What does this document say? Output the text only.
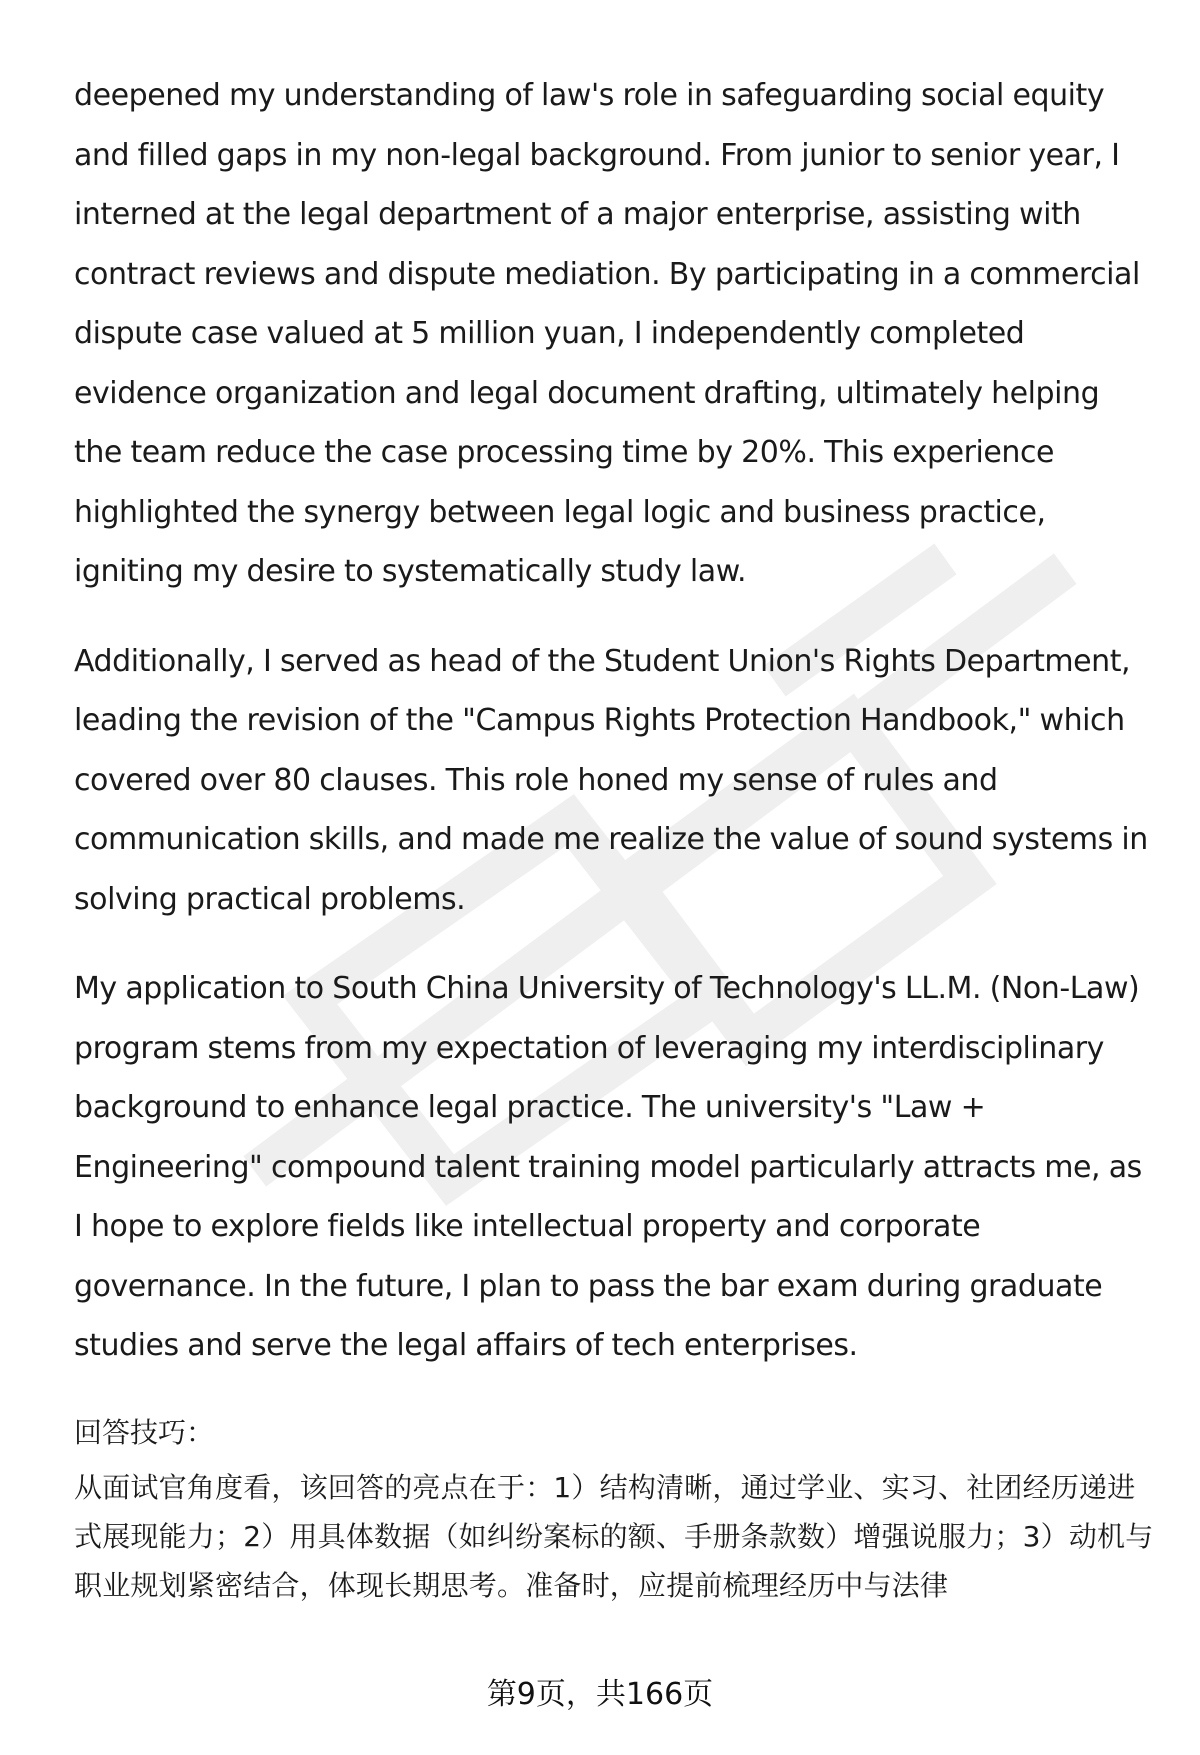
deepened my understanding of law's role in safeguarding social equity and filled gaps in my non-legal background. From junior to senior year, I interned at the legal department of a major enterprise, assisting with contract reviews and dispute mediation. By participating in a commercial dispute case valued at 5 million yuan, I independently completed evidence organization and legal document drafting, ultimately helping the team reduce the case processing time by 20%. This experience highlighted the synergy between legal logic and business practice, igniting my desire to systematically study law.

Additionally, I served as head of the Student Union's Rights Department, leading the revision of the "Campus Rights Protection Handbook," which covered over 80 clauses. This role honed my sense of rules and communication skills, and made me realize the value of sound systems in solving practical problems.

My application to South China University of Technology's LL.M. (Non-Law) program stems from my expectation of leveraging my interdisciplinary background to enhance legal practice. The university's "Law + Engineering" compound talent training model particularly attracts me, as I hope to explore fields like intellectual property and corporate governance. In the future, I plan to pass the bar exam during graduate studies and serve the legal affairs of tech enterprises.

回答技巧：

从面试官角度看，该回答的亮点在于：1）结构清晰，通过学业、实习、社团经历递进式展现能力；2）用具体数据（如纠纷案标的额、手册条款数）增强说服力；3）动机与职业规划紧密结合，体现长期思考。准备时，应提前梳理经历中与法律

第9页，共166页
